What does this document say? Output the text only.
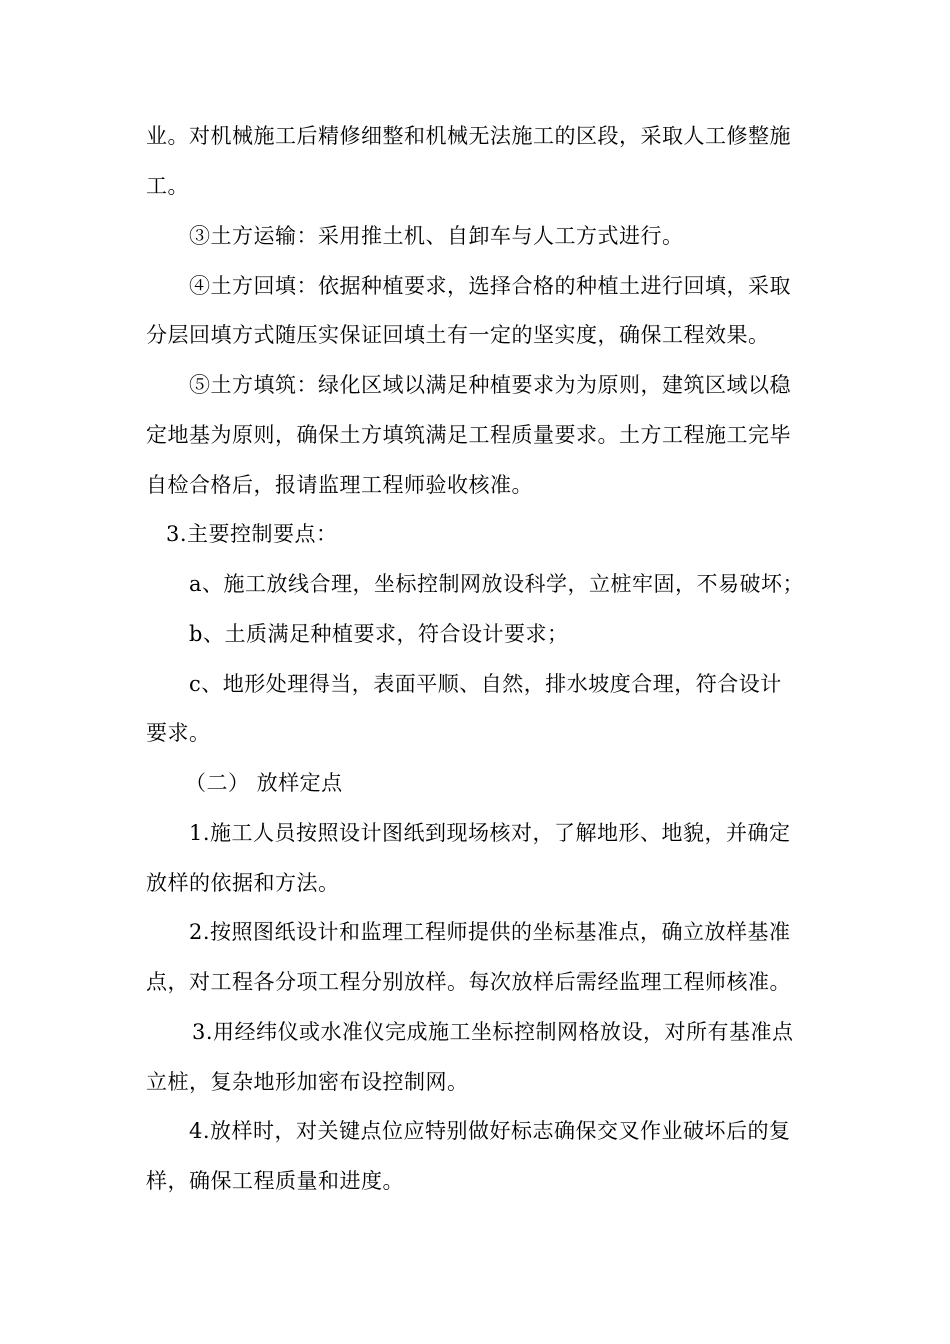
业。对机械施工后精修细整和机械无法施工的区段，采取人工修整施
工。
③土方运输：采用推土机、自卸车与人工方式进行。
④土方回填：依据种植要求，选择合格的种植土进行回填，采取
分层回填方式随压实保证回填土有一定的坚实度，确保工程效果。
⑤土方填筑：绿化区域以满足种植要求为为原则，建筑区域以稳
定地基为原则，确保土方填筑满足工程质量要求。土方工程施工完毕
自检合格后，报请监理工程师验收核准。
3.主要控制要点：
a、施工放线合理，坐标控制网放设科学，立桩牢固，不易破坏；
b、土质满足种植要求，符合设计要求；
c、地形处理得当，表面平顺、自然，排水坡度合理，符合设计
要求。
（二） 放样定点
1.施工人员按照设计图纸到现场核对，了解地形、地貌，并确定
放样的依据和方法。
2.按照图纸设计和监理工程师提供的坐标基准点，确立放样基准
点，对工程各分项工程分别放样。每次放样后需经监理工程师核准。
3.用经纬仪或水准仪完成施工坐标控制网格放设，对所有基准点
立桩，复杂地形加密布设控制网。
4.放样时，对关键点位应特别做好标志确保交叉作业破坏后的复
样，确保工程质量和进度。
